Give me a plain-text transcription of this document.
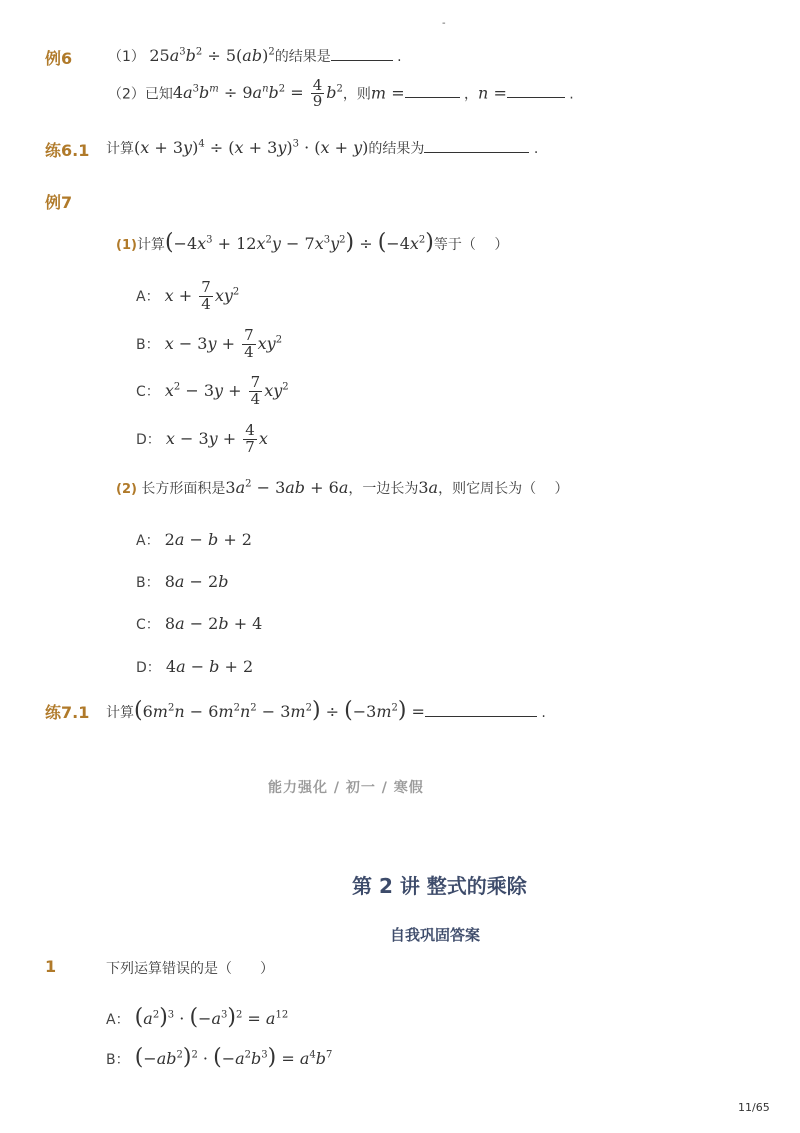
-
例6	（1） $25a^3b^2 \div 5(ab)^2$的结果是	.
（2）已知$4a^3b^m \div 9a^nb^2 = \frac{4}{9} b^2$，则m =	，n =	.
练6.1 计算$(x + 3y)^4 \div (x + 3y)^3 \cdot (x + y)$的结果为	.
例7
(1)计算$(-4x^3 + 12x^2y - 7x^3y^2) \div (-4x^2)$等于（　 ）
A： $x + \frac{7}{4} xy^2$
B： $x - 3y + \frac{7}{4} xy^2$
C： $x^2 - 3y + \frac{7}{4} xy^2$
D： $x - 3y + \frac{4}{7}$ x
(2) 长方形面积是$3a^2 - 3ab + 6a$，一边长为3a，则它周长为（　 ）
A： 2a − b + 2
B： 8a − 2b
C： 8a − 2b + 4
D： 4a − b + 2
练7.1 计算$(6m^2n - 6m^2n^2 - 3m^2) \div (-3m^2)$ =	.
能力强化 / 初一 / 寒假
第 2 讲 整式的乘除
自我巩固答案
1	下列运算错误的是（　　）
A： $(a^2)^3 \cdot (-a^3)^2 = a^{12}$
B： $(-ab^2)^2 \cdot (-a^2b^3) = a^4b^7$
11/65
